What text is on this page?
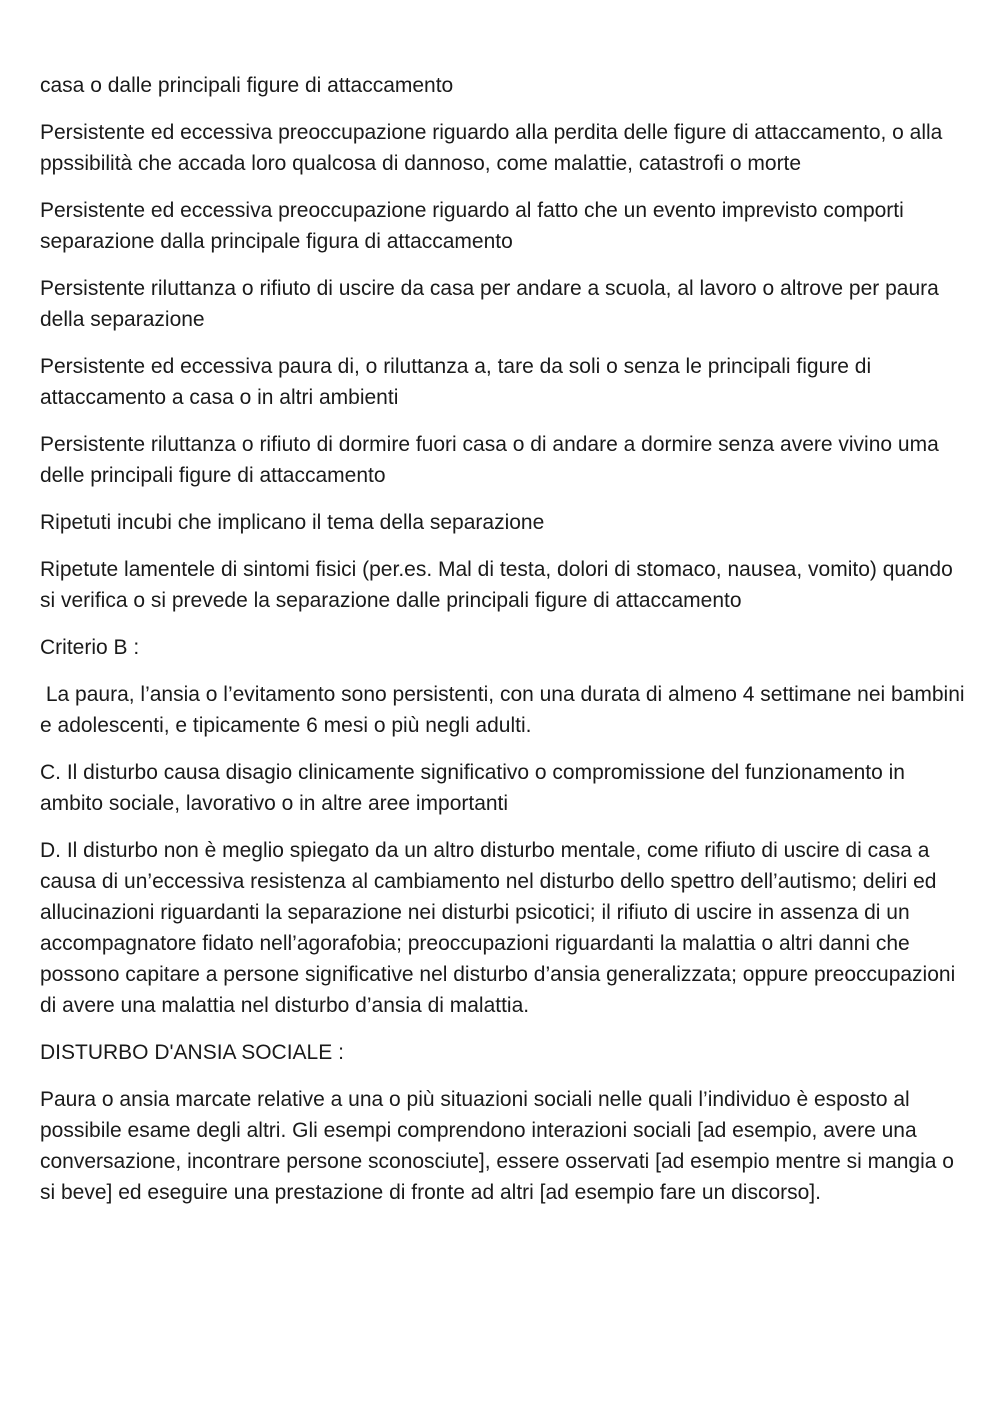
casa o dalle principali figure di attaccamento

Persistente ed eccessiva preoccupazione riguardo alla perdita delle figure di attaccamento, o alla ppssibilità che accada loro qualcosa di dannoso, come malattie, catastrofi o morte

Persistente ed eccessiva preoccupazione riguardo al fatto che un evento imprevisto comporti separazione dalla principale figura di attaccamento

Persistente riluttanza o rifiuto di uscire da casa per andare a scuola, al lavoro o altrove per paura della separazione

Persistente ed eccessiva paura di, o riluttanza a, tare da soli o senza le principali figure di attaccamento a casa o in altri ambienti

Persistente riluttanza o rifiuto di dormire fuori casa o di andare a dormire senza avere vivino uma delle principali figure di attaccamento

Ripetuti incubi che implicano il tema della separazione

Ripetute lamentele di sintomi fisici (per.es. Mal di testa, dolori di stomaco, nausea, vomito) quando si verifica o si prevede la separazione dalle principali figure di attaccamento

Criterio B :

La paura, l’ansia o l’evitamento sono persistenti, con una durata di almeno 4 settimane nei bambini e adolescenti, e tipicamente 6 mesi o più negli adulti.

C. Il disturbo causa disagio clinicamente significativo o compromissione del funzionamento in ambito sociale, lavorativo o in altre aree importanti

D. Il disturbo non è meglio spiegato da un altro disturbo mentale, come rifiuto di uscire di casa a causa di un’eccessiva resistenza al cambiamento nel disturbo dello spettro dell’autismo; deliri ed allucinazioni riguardanti la separazione nei disturbi psicotici; il rifiuto di uscire in assenza di un accompagnatore fidato nell’agorafobia; preoccupazioni riguardanti la malattia o altri danni che possono capitare a persone significative nel disturbo d’ansia generalizzata; oppure preoccupazioni di avere una malattia nel disturbo d’ansia di malattia.

DISTURBO D'ANSIA SOCIALE :

Paura o ansia marcate relative a una o più situazioni sociali nelle quali l’individuo è esposto al possibile esame degli altri. Gli esempi comprendono interazioni sociali [ad esempio, avere una conversazione, incontrare persone sconosciute], essere osservati [ad esempio mentre si mangia o si beve] ed eseguire una prestazione di fronte ad altri [ad esempio fare un discorso].
